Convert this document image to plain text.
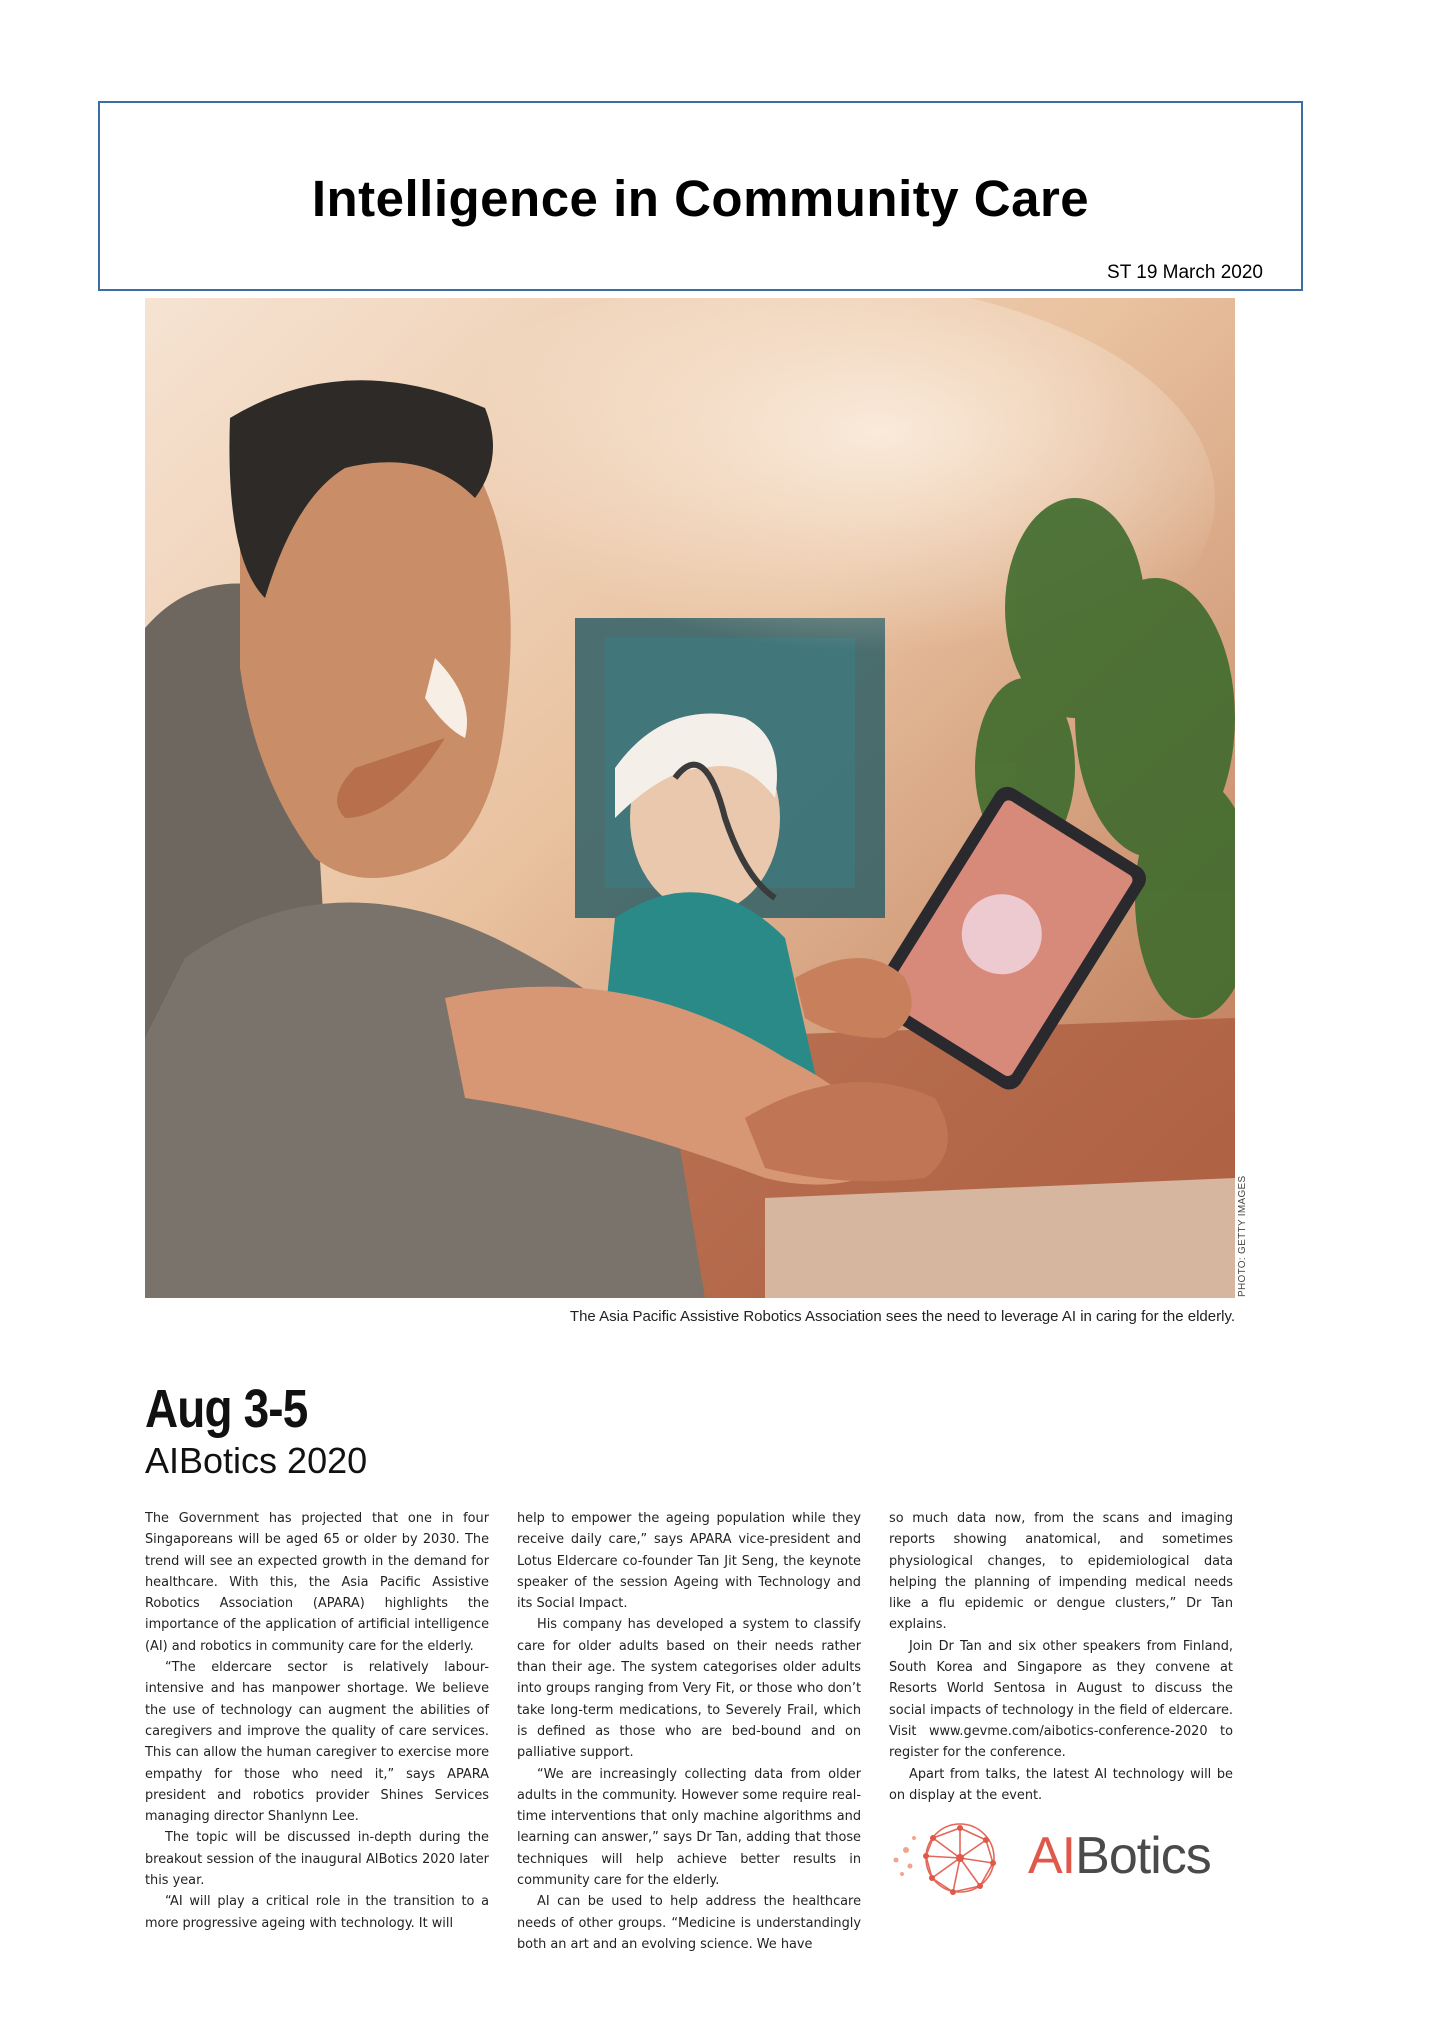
Intelligence in Community Care
ST 19 March 2020
PHOTO: GETTY IMAGES
The Asia Pacific Assistive Robotics Association sees the need to leverage AI in caring for the elderly.
Aug 3-5
AIBotics 2020

The Government has projected that one in four Singaporeans will be aged 65 or older by 2030. The trend will see an expected growth in the demand for healthcare. With this, the Asia Pacific Assistive Robotics Association (APARA) highlights the importance of the application of artificial intelligence (AI) and robotics in community care for the elderly.

“The eldercare sector is relatively labour-intensive and has manpower shortage. We believe the use of technology can augment the abilities of caregivers and improve the quality of care services. This can allow the human caregiver to exercise more empathy for those who need it,” says APARA president and robotics provider Shines Services managing director Shanlynn Lee.

The topic will be discussed in-depth during the breakout session of the inaugural AIBotics 2020 later this year.

“AI will play a critical role in the transition to a more progressive ageing with technology. It will

help to empower the ageing population while they receive daily care,” says APARA vice-president and Lotus Eldercare co-founder Tan Jit Seng, the keynote speaker of the session Ageing with Technology and its Social Impact.

His company has developed a system to classify care for older adults based on their needs rather than their age. The system categorises older adults into groups ranging from Very Fit, or those who don’t take long-term medications, to Severely Frail, which is defined as those who are bed-bound and on palliative support.

“We are increasingly collecting data from older adults in the community. However some require real-time interventions that only machine algorithms and learning can answer,” says Dr Tan, adding that those techniques will help achieve better results in community care for the elderly.

AI can be used to help address the healthcare needs of other groups. “Medicine is understandingly both an art and an evolving science. We have

so much data now, from the scans and imaging reports showing anatomical, and sometimes physiological changes, to epidemiological data helping the planning of impending medical needs like a flu epidemic or dengue clusters,” Dr Tan explains.

Join Dr Tan and six other speakers from Finland, South Korea and Singapore as they convene at Resorts World Sentosa in August to discuss the social impacts of technology in the field of eldercare. Visit www.gevme.com/aibotics-conference-2020 to register for the conference.

Apart from talks, the latest AI technology will be on display at the event.

AIBotics
